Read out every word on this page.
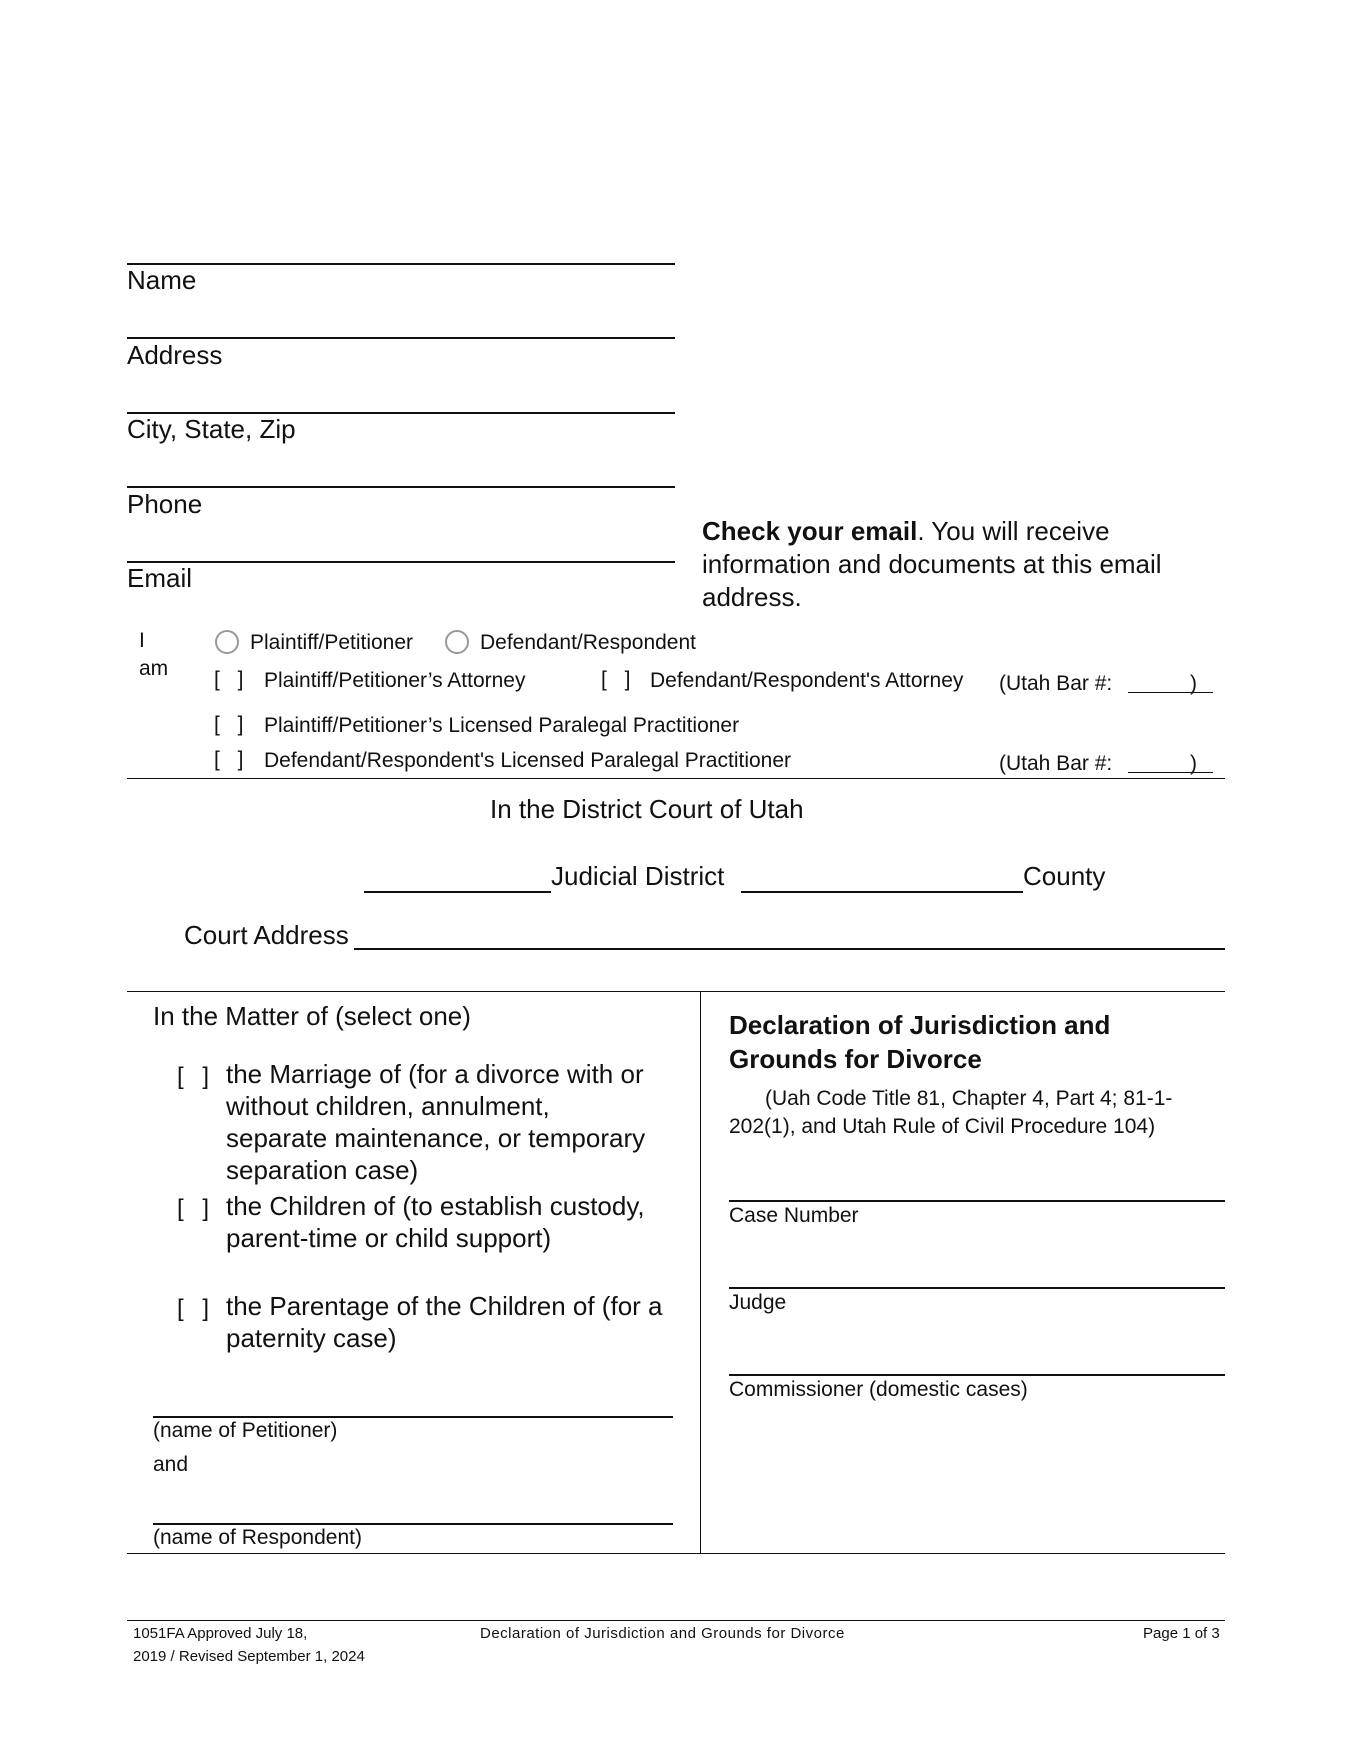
Name
Address
City, State, Zip
Phone
Email
Check your email. You will receive information and documents at this email address.
I
am
Plaintiff/Petitioner	Defendant/Respondent
[ ] Plaintiff/Petitioner’s Attorney	[ ] Defendant/Respondent's Attorney (Utah Bar #:	)
[ ] Plaintiff/Petitioner’s Licensed Paralegal Practitioner
[ ] Defendant/Respondent's Licensed Paralegal Practitioner	(Utah Bar #:	)
In the District Court of Utah
Judicial District	County
Court Address
In the Matter of (select one)
[ ] the Marriage of (for a divorce with or without children, annulment, separate maintenance, or temporary separation case)
[ ] the Children of (to establish custody, parent-time or child support)
[ ] the Parentage of the Children of (for a paternity case)
(name of Petitioner)
and
(name of Respondent)
Declaration of Jurisdiction and Grounds for Divorce
(Uah Code Title 81, Chapter 4, Part 4; 81-1-202(1), and Utah Rule of Civil Procedure 104)
Case Number
Judge
Commissioner (domestic cases)
1051FA Approved July 18,
2019 / Revised September 1, 2024
Declaration of Jurisdiction and Grounds for Divorce	Page 1 of 3
